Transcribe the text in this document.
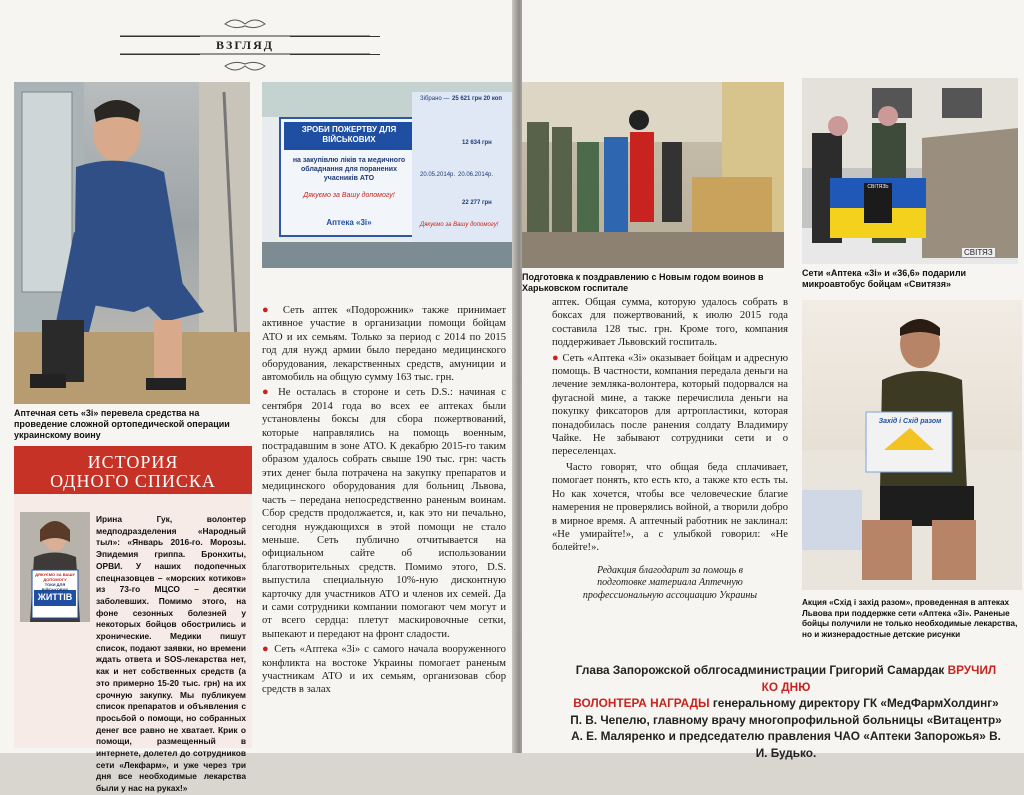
ВЗГЛЯД
Аптечная сеть «3i» перевела средства на проведение сложной ортопедической операции украинскому воину
ЗРОБИ ПОЖЕРТВУ ДЛЯ ВІЙСЬКОВИХ
на закупівлю ліків та медичного обладнання для поранених учасників АТО
Дякуємо за Вашу допомогу!
Аптека «3i»
Зібрано — 25 621 грн 20 коп
12 634 грн
22 277 грн
20.05.2014р. 20.06.2014р.
Дякуємо за Вашу допомогу!

● Сеть аптек «Подорожник» также принимает активное участие в организации помощи бойцам АТО и их семьям. Только за период с 2014 по 2015 год для нужд армии было передано медицинского оборудования, лекарственных средств, амуниции и автомобиль на общую сумму 163 тыс. грн.

● Не осталась в стороне и сеть D.S.: начиная с сентября 2014 года во всех ее аптеках были установлены боксы для сбора пожертвований, которые направлялись на помощь военным, пострадавшим в зоне АТО. К декабрю 2015-го таким образом удалось собрать свыше 190 тыс. грн: часть этих денег была потрачена на закупку препаратов и медицинского оборудования для больниц Львова, часть – передана непосредственно раненым воинам. Сбор средств продолжается, и, как это ни печально, сегодня нуждающихся в этой помощи не стало меньше. Сеть публично отчитывается на официальном сайте об использовании благотворительных средств. Помимо этого, D.S. выпустила специальную 10%-ную дисконтную карточку для участников АТО и членов их семей. Да и сами сотрудники компании помогают чем могут и от всего сердца: плетут маскировочные сетки, выпекают и передают на фронт сладости.

● Сеть «Аптека «3i» с самого начала вооруженного конфликта на востоке Украины помогает раненым участникам АТО и их семьям, организовав сбор средств в залах

ИСТОРИЯ
ОДНОГО СПИСКА
ДЯКУЄМО ЗА ВАШУ ДОПОМОГУ
ТОКИ ДЛЯ ВІЙСЬКОВИХ
ЖИТТІВ
Ирина Гук, волонтер медподразделения «Народный тыл»: «Январь 2016-го. Морозы. Эпидемия гриппа. Бронхиты, ОРВИ. У наших подопечных спецназовцев – «морских котиков» из 73-го МЦСО – десятки заболевших. Помимо этого, на фоне сезонных болезней у некоторых бойцов обострились и хронические. Медики пишут список, подают заявки, но времени ждать ответа и SOS-лекарства нет, как и нет собственных средств (а это примерно 15-20 тыс. грн) на их срочную закупку. Мы публикуем список препаратов и объявления с просьбой о помощи, но собранных денег все равно не хватает. Крик о помощи, размещенный в интернете, долетел до сотрудников сети «Лекфарм», и уже через три дня все необходимые лекарства были у нас на руках!»
Подготовка к поздравлению с Новым годом воинов в Харьковском госпитале
СВІТЯЗ
СВІТЯЗЬ
Сети «Аптека «3i» и «36,6» подарили микроавтобус бойцам «Свитязя»
Захід і Схід разом
Акция «Схід і захід разом», проведенная в аптеках Львова при поддержке сети «Аптека «3i». Раненые бойцы получили не только необходимые лекарства, но и жизнерадостные детские рисунки

аптек. Общая сумма, которую удалось собрать в боксах для пожертвований, к июлю 2015 года составила 128 тыс. грн. Кроме того, компания поддерживает Львовский госпиталь.

● Сеть «Аптека «3i» оказывает бойцам и адресную помощь. В частности, компания передала деньги на лечение земляка-волонтера, который подорвался на фугасной мине, а также перечислила деньги на покупку фиксаторов для артропластики, которая понадобилась после ранения солдату Владимиру Чайке. Не забывают сотрудники сети и о переселенцах.

Часто говорят, что общая беда сплачивает, помогает понять, кто есть кто, а также кто есть ты. Но как хочется, чтобы все человеческие благие намерения не проверялись войной, а творили добро в мирное время. А аптечный работник не заклинал: «Не умирайте!», а с улыбкой говорил: «Не болейте!».

Редакция благодарит за помощь в подготовке материала Аптечную профессиональную ассоциацию Украины

Глава Запорожской облгосадминистрации Григорий Самардак ВРУЧИЛ КО ДНЮ
ВОЛОНТЕРА НАГРАДЫ генеральному директору ГК «МедФармХолдинг»
П. В. Чепелю, главному врачу многопрофильной больницы «Витацентр»
А. Е. Маляренко и председателю правления ЧАО «Аптеки Запорожья» В. И. Будько.
